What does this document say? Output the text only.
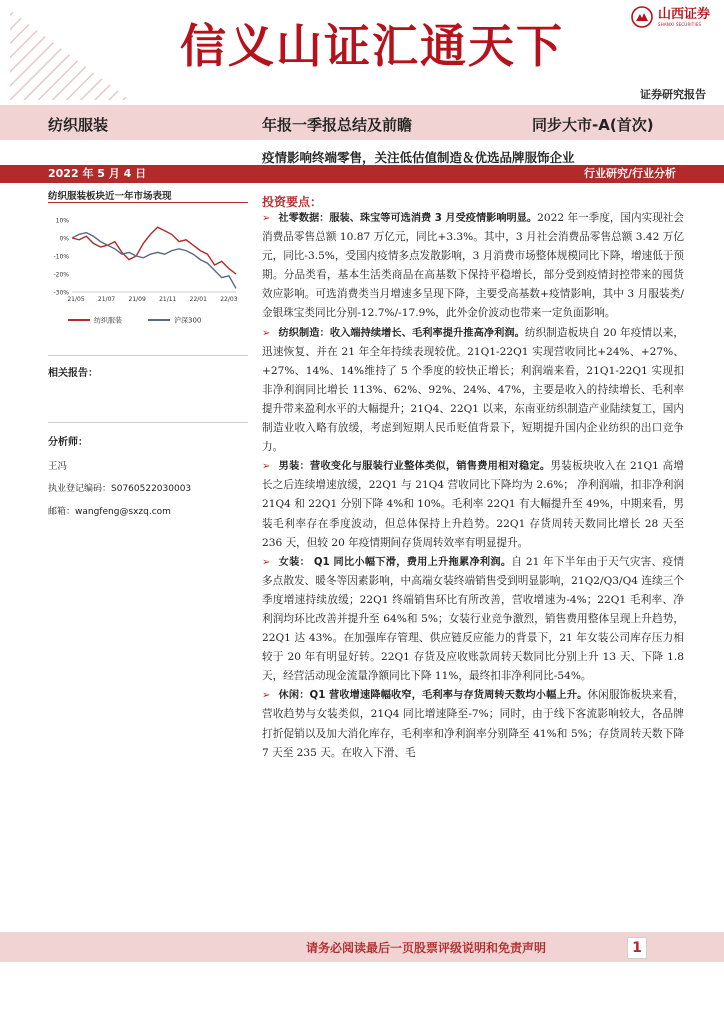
信义山证汇通天下
山西证券
SHANXI SECURITIES
证券研究报告
纺织服装	年报一季报总结及前瞻	同步大市-A(首次)
疫情影响终端零售，关注低估值制造＆优选品牌服饰企业
2022 年 5 月 4 日	行业研究/行业分析
纺织服装板块近一年市场表现
10%
0%
-10%
-20%
-30%
21/05 21/07 21/09 21/11 22/01 22/03
纺织服装	沪深300
相关报告：
分析师：
王冯
执业登记编码：S0760522030003
邮箱：wangfeng@sxzq.com
投资要点：

➢ 社零数据：服装、珠宝等可选消费 3 月受疫情影响明显。2022 年一季度，国内实现社会消费品零售总额 10.87 万亿元，同比+3.3%。其中，3 月社会消费品零售总额 3.42 万亿元，同比-3.5%，受国内疫情多点发散影响，3 月消费市场整体规模同比下降，增速低于预期。分品类看，基本生活类商品在高基数下保持平稳增长，部分受到疫情封控带来的囤货效应影响。可选消费类当月增速多呈现下降，主要受高基数+疫情影响，其中 3 月服装类/金银珠宝类同比分别-12.7%/-17.9%，此外金价波动也带来一定负面影响。

➢ 纺织制造：收入端持续增长、毛利率提升推高净利润。纺织制造板块自 20 年疫情以来，迅速恢复、并在 21 年全年持续表现较优。21Q1-22Q1 实现营收同比+24%、+27%、+27%、14%、14%维持了 5 个季度的较快正增长；利润端来看，21Q1-22Q1 实现扣非净利润同比增长 113%、62%、92%、24%、47%，主要是收入的持续增长、毛利率提升带来盈利水平的大幅提升；21Q4、22Q1 以来，东南亚纺织制造产业陆续复工，国内制造业收入略有放缓，考虑到短期人民币贬值背景下，短期提升国内企业纺织的出口竞争力。

➢ 男装：营收变化与服装行业整体类似，销售费用相对稳定。男装板块收入在 21Q1 高增长之后连续增速放缓，22Q1 与 21Q4 营收同比下降均为 2.6%； 净利润端，扣非净利润 21Q4 和 22Q1 分别下降 4%和 10%。毛利率 22Q1 有大幅提升至 49%，中期来看，男装毛利率存在季度波动，但总体保持上升趋势。22Q1 存货周转天数同比增长 28 天至 236 天，但较 20 年疫情期间存货周转效率有明显提升。

➢ 女装： Q1 同比小幅下滑，费用上升拖累净利润。自 21 年下半年由于天气灾害、疫情多点散发、暖冬等因素影响，中高端女装终端销售受到明显影响，21Q2/Q3/Q4 连续三个季度增速持续放缓；22Q1 终端销售环比有所改善，营收增速为-4%；22Q1 毛利率、净利润均环比改善并提升至 64%和 5%；女装行业竞争激烈，销售费用整体呈现上升趋势，22Q1 达 43%。在加强库存管理、供应链反应能力的背景下，21 年女装公司库存压力相较于 20 年有明显好转。22Q1 存货及应收账款周转天数同比分别上升 13 天、下降 1.8 天，经营活动现金流量净额同比下降 11%，最终扣非净利同比-54%。

➢ 休闲：Q1 营收增速降幅收窄，毛利率与存货周转天数均小幅上升。休闲服饰板块来看，营收趋势与女装类似，21Q4 同比增速降至-7%；同时，由于线下客流影响较大，各品牌打折促销以及加大消化库存，毛利率和净利润率分别降至 41%和 5%；存货周转天数下降 7 天至 235 天。在收入下滑、毛

请务必阅读最后一页股票评级说明和免责声明	1
